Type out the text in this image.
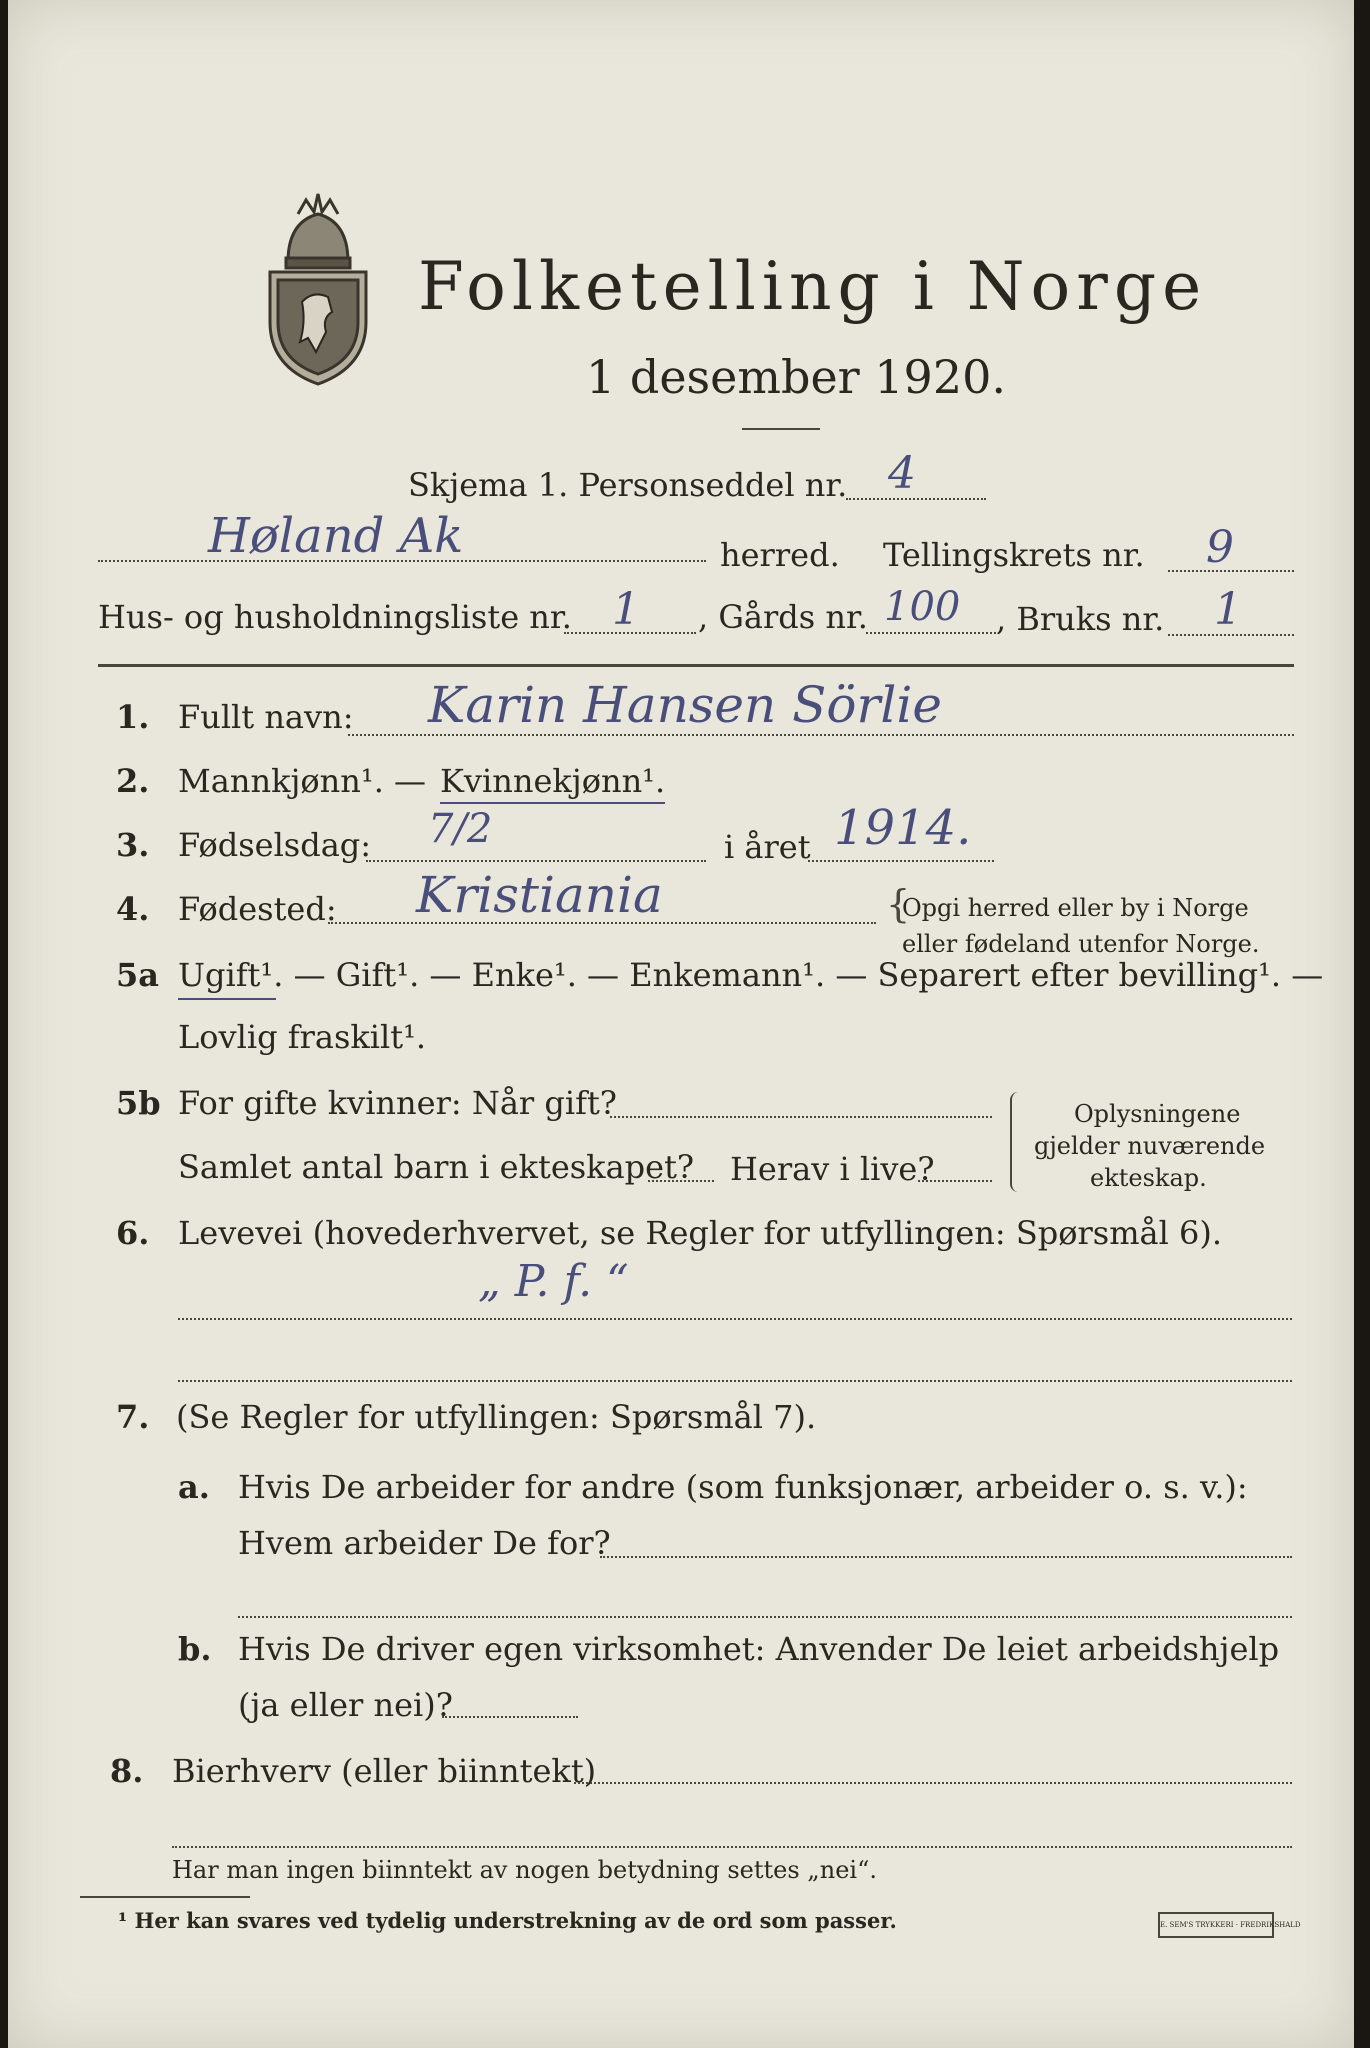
Folketelling i Norge
1 desember 1920.
Skjema 1. Personseddel nr. 4
Høland Ak	herred. Tellingskrets nr. 9
Hus- og husholdningsliste nr. 1 , Gårds nr. 100 , Bruks nr. 1
1. Fullt navn: Karin Hansen Sörlie
2. Mannkjønn¹. — Kvinnekjønn¹.
3. Fødselsdag: 7/2	i året 1914.
4. Fødested: Kristiania	{
Opgi herred eller by i Norge
eller fødeland utenfor Norge.
5a Ugift¹. — Gift¹. — Enke¹. — Enkemann¹. — Separert efter bevilling¹. —
Lovlig fraskilt¹.
5b For gifte kvinner: Når gift?
Samlet antal barn i ekteskapet? Herav i live?
Oplysningene
gjelder nuværende
ekteskap.
6. Levevei (hovederhvervet, se Regler for utfyllingen: Spørsmål 6).
„ P. f. “
7. (Se Regler for utfyllingen: Spørsmål 7).
a. Hvis De arbeider for andre (som funksjonær, arbeider o. s. v.):
Hvem arbeider De for?
b. Hvis De driver egen virksomhet: Anvender De leiet arbeidshjelp
(ja eller nei)?
8. Bierhverv (eller biinntekt)
Har man ingen biinntekt av nogen betydning settes „nei“.
¹ Her kan svares ved tydelig understrekning av de ord som passer.	E. SEM'S TRYKKERI · FREDRIKSHALD
